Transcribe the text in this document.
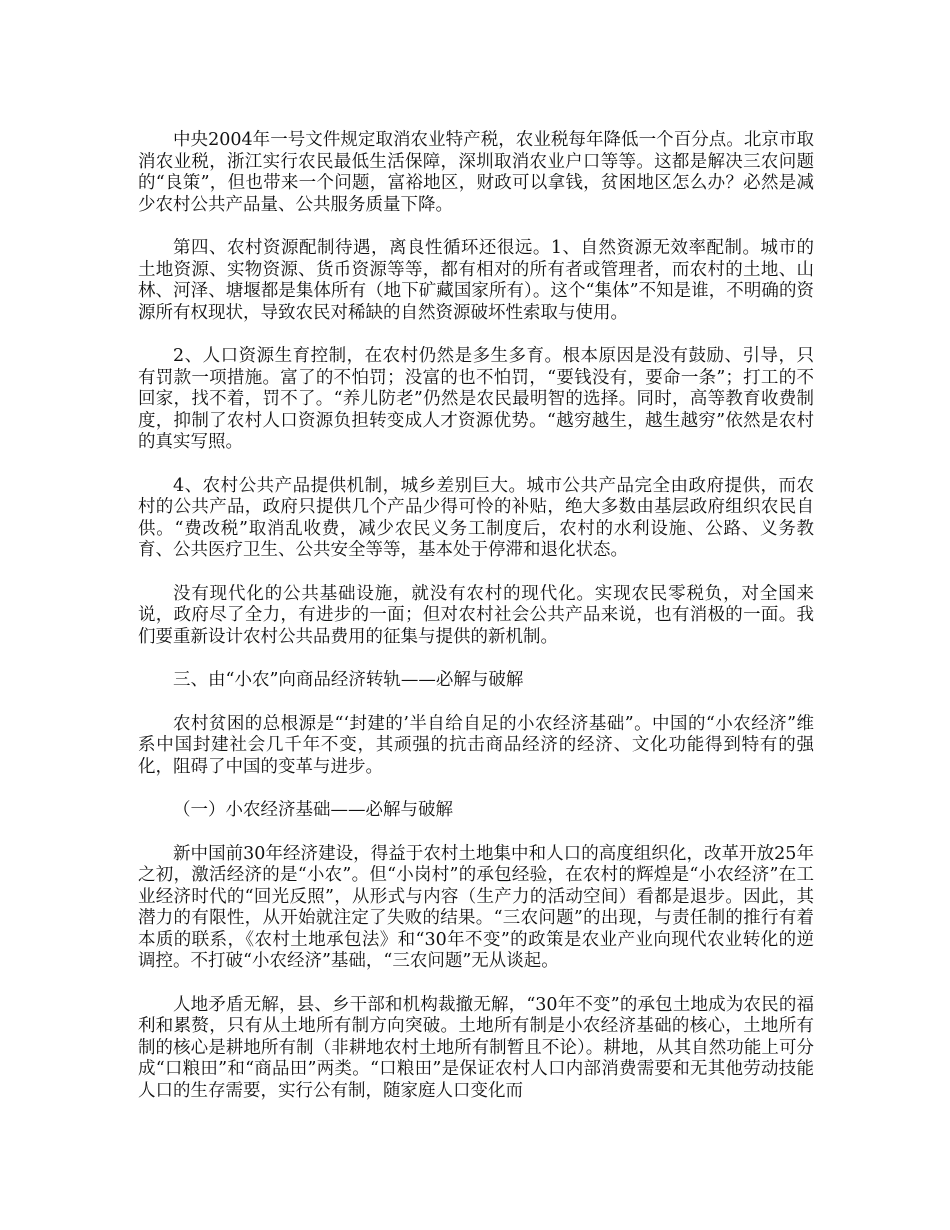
中央2004年一号文件规定取消农业特产税，农业税每年降低一个百分点。北京市取消农业税，浙江实行农民最低生活保障，深圳取消农业户口等等。这都是解决三农问题的“良策”，但也带来一个问题，富裕地区，财政可以拿钱，贫困地区怎么办？必然是减少农村公共产品量、公共服务质量下降。

第四、农村资源配制待遇，离良性循环还很远。1、自然资源无效率配制。城市的土地资源、实物资源、货币资源等等，都有相对的所有者或管理者，而农村的土地、山林、河泽、塘堰都是集体所有（地下矿藏国家所有）。这个“集体”不知是谁，不明确的资源所有权现状，导致农民对稀缺的自然资源破坏性索取与使用。

2、人口资源生育控制，在农村仍然是多生多育。根本原因是没有鼓励、引导，只有罚款一项措施。富了的不怕罚；没富的也不怕罚，“要钱没有，要命一条”；打工的不回家，找不着，罚不了。“养儿防老”仍然是农民最明智的选择。同时，高等教育收费制度，抑制了农村人口资源负担转变成人才资源优势。“越穷越生，越生越穷”依然是农村的真实写照。

4、农村公共产品提供机制，城乡差别巨大。城市公共产品完全由政府提供，而农村的公共产品，政府只提供几个产品少得可怜的补贴，绝大多数由基层政府组织农民自供。“费改税”取消乱收费，减少农民义务工制度后，农村的水利设施、公路、义务教育、公共医疗卫生、公共安全等等，基本处于停滞和退化状态。

没有现代化的公共基础设施，就没有农村的现代化。实现农民零税负，对全国来说，政府尽了全力，有进步的一面；但对农村社会公共产品来说，也有消极的一面。我们要重新设计农村公共品费用的征集与提供的新机制。

三、由“小农”向商品经济转轨——必解与破解

农村贫困的总根源是“‘封建的’半自给自足的小农经济基础”。中国的“小农经济”维系中国封建社会几千年不变，其顽强的抗击商品经济的经济、文化功能得到特有的强化，阻碍了中国的变革与进步。

（一）小农经济基础——必解与破解

新中国前30年经济建设，得益于农村土地集中和人口的高度组织化，改革开放25年之初，激活经济的是“小农”。但“小岗村”的承包经验，在农村的辉煌是“小农经济”在工业经济时代的“回光反照”，从形式与内容（生产力的活动空间）看都是退步。因此，其潜力的有限性，从开始就注定了失败的结果。“三农问题”的出现，与责任制的推行有着本质的联系，《农村土地承包法》和“30年不变”的政策是农业产业向现代农业转化的逆调控。不打破“小农经济”基础，“三农问题”无从谈起。

人地矛盾无解，县、乡干部和机构裁撤无解，“30年不变”的承包土地成为农民的福利和累赘，只有从土地所有制方向突破。土地所有制是小农经济基础的核心，土地所有制的核心是耕地所有制（非耕地农村土地所有制暂且不论）。耕地，从其自然功能上可分成“口粮田”和“商品田”两类。“口粮田”是保证农村人口内部消费需要和无其他劳动技能人口的生存需要，实行公有制，随家庭人口变化而
